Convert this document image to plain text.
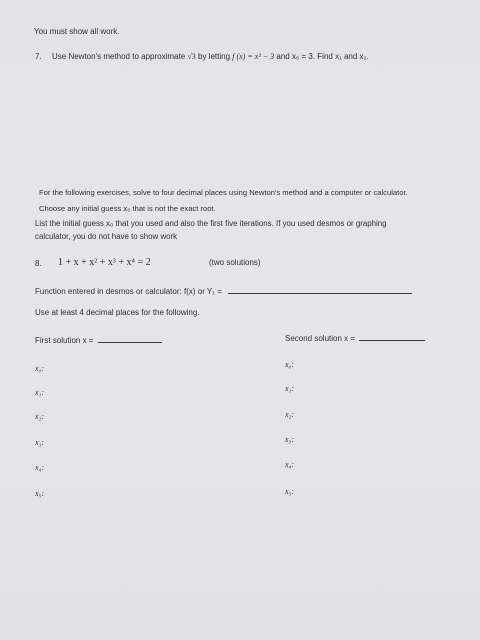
You must show all work.
7. Use Newton's method to approximate √3 by letting f (x) = x² − 3 and x₀ = 3. Find x₁ and x₂.
For the following exercises, solve to four decimal places using Newton's method and a computer or calculator.
Choose any initial guess x₀ that is not the exact root.
List the initial guess x₀ that you used and also the first five iterations. If you used desmos or graphing
calculator, you do not have to show work
8. 1 + x + x² + x³ + x⁴ = 2	(two solutions)
Function entered in desmos or calculator: f(x) or Y₁ =
Use at least 4 decimal places for the following.
First solution x =	Second solution x =
x₀:
x₁:
x₂:
x₃:
x₄:
x₅:
x₀:
x₁:
x₂:
x₃:
x₄:
x₅:
